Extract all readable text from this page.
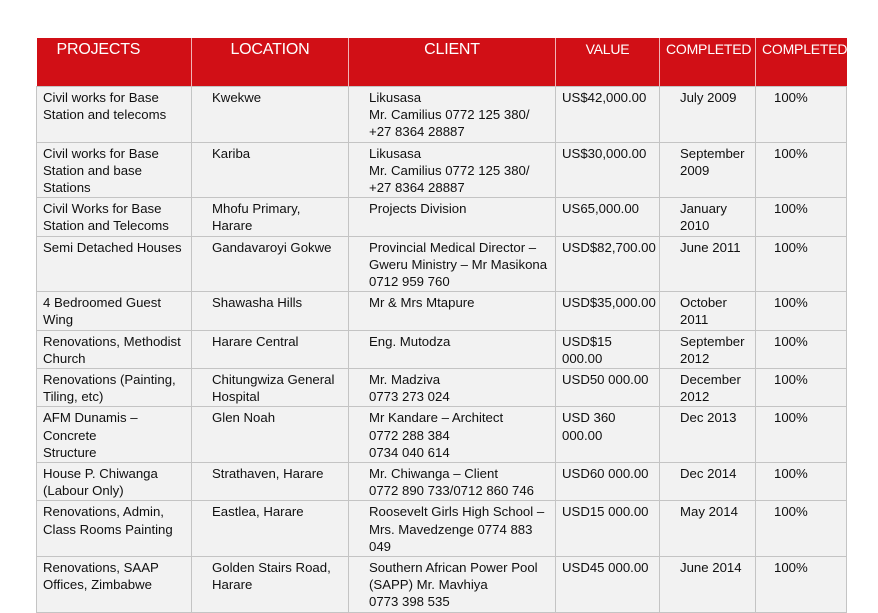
PROJECTS	LOCATION	CLIENT	VALUE	COMPLETED	COMPLETED
Civil works for Base
Station and telecoms	Kwekwe	Likusasa
Mr. Camilius 0772 125 380/
+27 8364 28887	US$42,000.00	July 2009	100%
Civil works for Base
Station and base
Stations	Kariba	Likusasa
Mr. Camilius 0772 125 380/
+27 8364 28887	US$30,000.00	September
2009	100%
Civil Works for Base
Station and Telecoms	Mhofu Primary, Harare	Projects Division	US65,000.00	January
2010	100%
Semi Detached Houses	Gandavaroyi Gokwe	Provincial Medical Director –
Gweru Ministry – Mr Masikona
0712 959 760	USD$82,700.00	June 2011	100%
4 Bedroomed Guest Wing	Shawasha Hills	Mr & Mrs Mtapure	USD$35,000.00	October 2011	100%
Renovations, Methodist
Church	Harare Central	Eng. Mutodza	USD$15 000.00	September
2012	100%
Renovations (Painting,
Tiling, etc)	Chitungwiza General
Hospital	Mr. Madziva
0773 273 024	USD50 000.00	December
2012	100%
AFM Dunamis – Concrete
Structure	Glen Noah	Mr Kandare – Architect
0772 288 384
0734 040 614	USD 360 000.00	Dec 2013	100%
House P. Chiwanga
(Labour Only)	Strathaven, Harare	Mr. Chiwanga – Client
0772 890 733/0712 860 746	USD60 000.00	Dec 2014	100%
Renovations, Admin,
Class Rooms Painting	Eastlea, Harare	Roosevelt Girls High School –
Mrs. Mavedzenge 0774 883
049	USD15 000.00	May 2014	100%
Renovations, SAAP
Offices, Zimbabwe	Golden Stairs Road,
Harare	Southern African Power Pool
(SAPP) Mr. Mavhiya
0773 398 535	USD45 000.00	June 2014	100%
